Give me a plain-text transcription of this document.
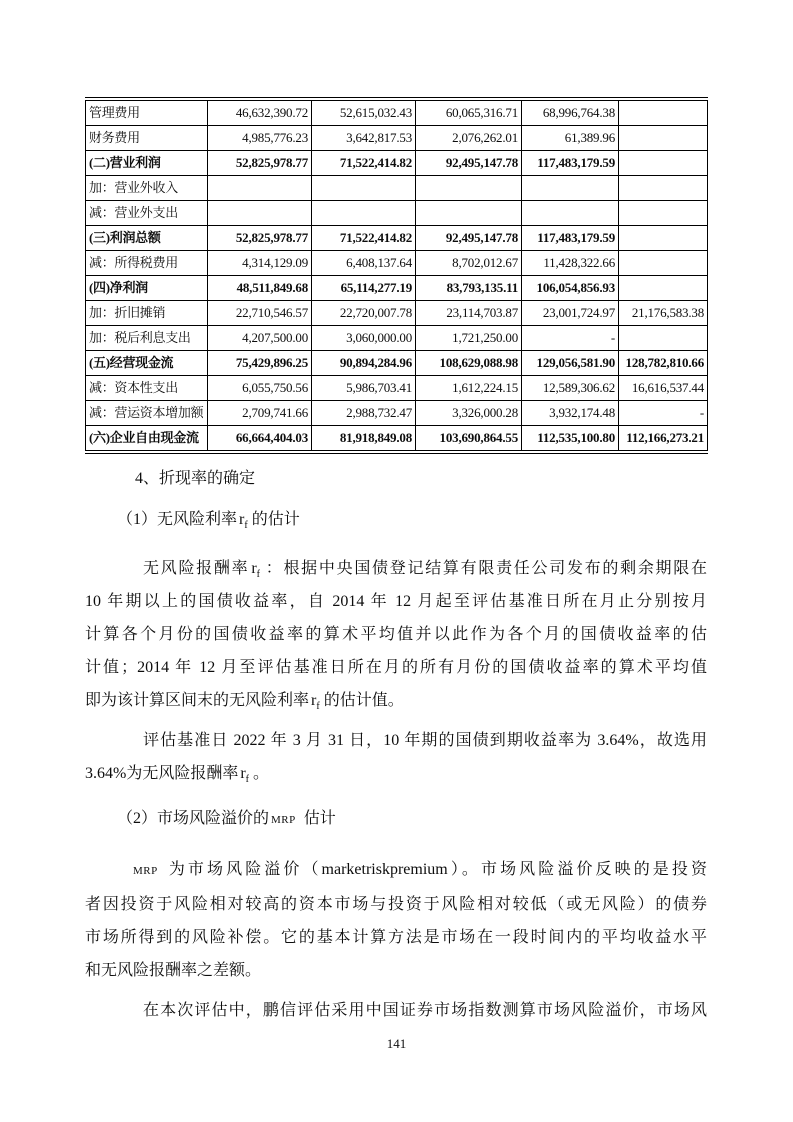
管理费用	46,632,390.72	52,615,032.43	60,065,316.71	68,996,764.38	
财务费用	4,985,776.23	3,642,817.53	2,076,262.01	61,389.96	
(二)营业利润	52,825,978.77	71,522,414.82	92,495,147.78	117,483,179.59	
加：营业外收入					
减：营业外支出					
(三)利润总额	52,825,978.77	71,522,414.82	92,495,147.78	117,483,179.59	
减：所得税费用	4,314,129.09	6,408,137.64	8,702,012.67	11,428,322.66	
(四)净利润	48,511,849.68	65,114,277.19	83,793,135.11	106,054,856.93	
加：折旧摊销	22,710,546.57	22,720,007.78	23,114,703.87	23,001,724.97	21,176,583.38
加：税后利息支出	4,207,500.00	3,060,000.00	1,721,250.00	-	
(五)经营现金流	75,429,896.25	90,894,284.96	108,629,088.98	129,056,581.90	128,782,810.66
减：资本性支出	6,055,750.56	5,986,703.41	1,612,224.15	12,589,306.62	16,616,537.44
减：营运资本增加额	2,709,741.66	2,988,732.47	3,326,000.28	3,932,174.48	-
(六)企业自由现金流	66,664,404.03	81,918,849.08	103,690,864.55	112,535,100.80	112,166,273.21
4、折现率的确定
（1）无风险利率 $r_f$ 的估计
无风险报酬率 $r_f$ ：根据中央国债登记结算有限责任公司发布的剩余期限在
10 年期以上的国债收益率，自 2014 年 12 月起至评估基准日所在月止分别按月
计算各个月份的国债收益率的算术平均值并以此作为各个月的国债收益率的估
计值；2014 年 12 月至评估基准日所在月的所有月份的国债收益率的算术平均值
即为该计算区间末的无风险利率 $r_f$ 的估计值。
评估基准日 2022 年 3 月 31 日，10 年期的国债到期收益率为 3.64%，故选用
3.64%为无风险报酬率 $r_f$ 。
（2）市场风险溢价的 MRP 估计
MRP 为市场风险溢价（marketriskpremium）。市场风险溢价反映的是投资
者因投资于风险相对较高的资本市场与投资于风险相对较低（或无风险）的债券
市场所得到的风险补偿。它的基本计算方法是市场在一段时间内的平均收益水平
和无风险报酬率之差额。
在本次评估中，鹏信评估采用中国证券市场指数测算市场风险溢价，市场风
141
